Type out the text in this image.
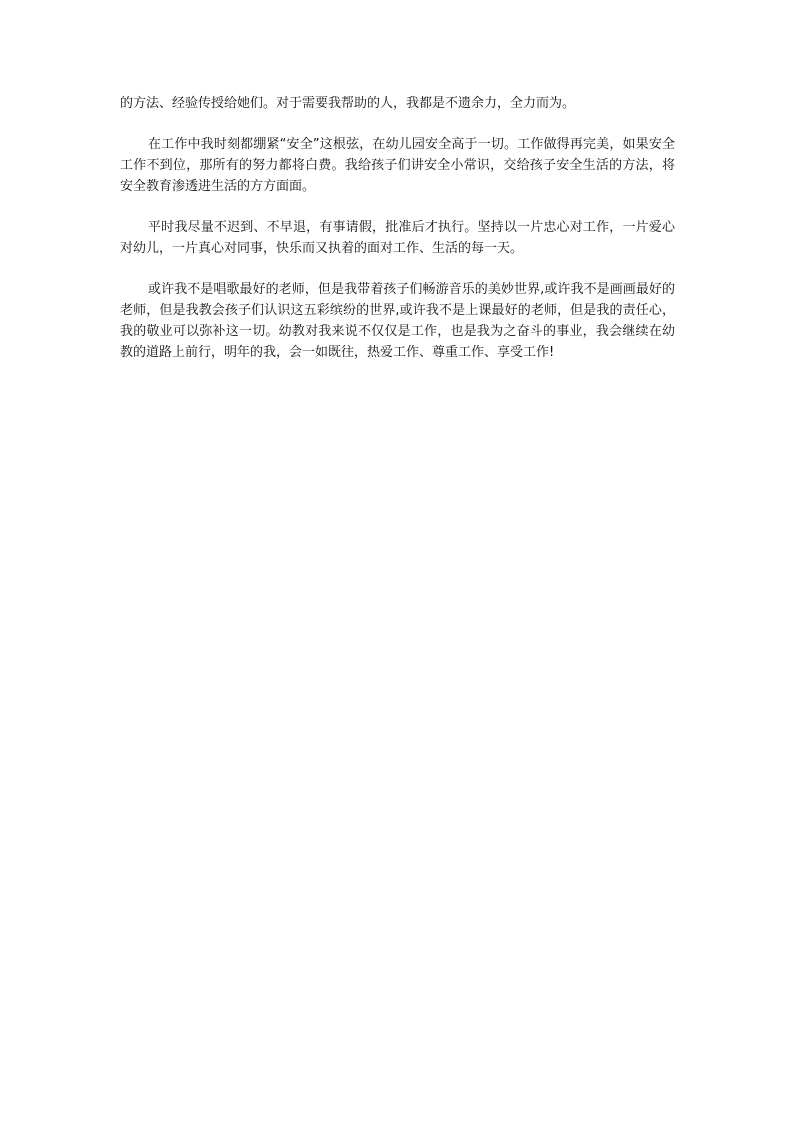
的方法、经验传授给她们。对于需要我帮助的人，我都是不遗余力，全力而为。

在工作中我时刻都绷紧“安全”这根弦，在幼儿园安全高于一切。工作做得再完美，如果安全工作不到位，那所有的努力都将白费。我给孩子们讲安全小常识，交给孩子安全生活的方法，将安全教育渗透进生活的方方面面。

平时我尽量不迟到、不早退，有事请假，批准后才执行。坚持以一片忠心对工作，一片爱心对幼儿，一片真心对同事，快乐而又执着的面对工作、生活的每一天。

或许我不是唱歌最好的老师，但是我带着孩子们畅游音乐的美妙世界,或许我不是画画最好的老师，但是我教会孩子们认识这五彩缤纷的世界,或许我不是上课最好的老师，但是我的责任心，我的敬业可以弥补这一切。幼教对我来说不仅仅是工作，也是我为之奋斗的事业，我会继续在幼教的道路上前行，明年的我，会一如既往，热爱工作、尊重工作、享受工作!
